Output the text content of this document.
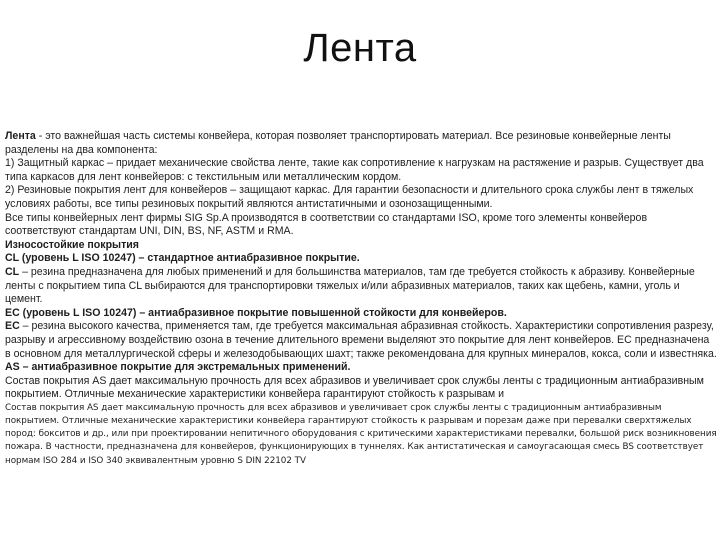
Лента

Лента - это важнейшая часть системы конвейера, которая позволяет транспортировать материал. Все резиновые конвейерные ленты разделены на два компонента:

1) Защитный каркас – придает механические свойства ленте, такие как сопротивление к нагрузкам на растяжение и разрыв. Существует два типа каркасов для лент конвейеров: с текстильным или металлическим кордом.

2) Резиновые покрытия лент для конвейеров – защищают каркас. Для гарантии безопасности и длительного срока службы лент в тяжелых условиях работы, все типы резиновых покрытий являются антистатичными и озонозащищенными.

Все типы конвейерных лент фирмы SIG Sp.A производятся в соответствии со стандартами ISO, кроме того элементы конвейеров соответствуют стандартам UNI, DIN, BS, NF, ASTM и RMA.

Износостойкие покрытия

CL (уровень L ISO 10247) – стандартное антиабразивное покрытие.

CL – резина предназначена для любых применений и для большинства материалов, там где требуется стойкость к абразиву. Конвейерные ленты с покрытием типа CL выбираются для транспортировки тяжелых и/или абразивных материалов, таких как щебень, камни, уголь и цемент.

EC (уровень L ISO 10247) – антиабразивное покрытие повышенной стойкости для конвейеров.

EC – резина высокого качества, применяется там, где требуется максимальная абразивная стойкость. Характеристики сопротивления разрезу, разрыву и агрессивному воздействию озона в течение длительного времени выделяют это покрытие для лент конвейеров. EC предназначена в основном для металлургической сферы и железодобывающих шахт; также рекомендована для крупных минералов, кокса, соли и известняка.

AS – антиабразивное покрытие для экстремальных применений.

Состав покрытия AS дает максимальную прочность для всех абразивов и увеличивает срок службы ленты с традиционным антиабразивным покрытием. Отличные механические характеристики конвейера гарантируют стойкость к разрывам и

Состав покрытия AS дает максимальную прочность для всех абразивов и увеличивает срок службы ленты с традиционным антиабразивным покрытием. Отличные механические характеристики конвейера гарантируют стойкость к разрывам и порезам даже при перевалки сверхтяжелых пород: бокситов и др., или при проектировании непитичного оборудования с критическими характеристиками перевалки, большой риск возникновения пожара. В частности, предназначена для конвейеров, функционирующих в туннелях. Как антистатическая и самоугасающая смесь BS соответствует нормам ISO 284 и ISO 340 эквивалентным уровню S DIN 22102 TV
